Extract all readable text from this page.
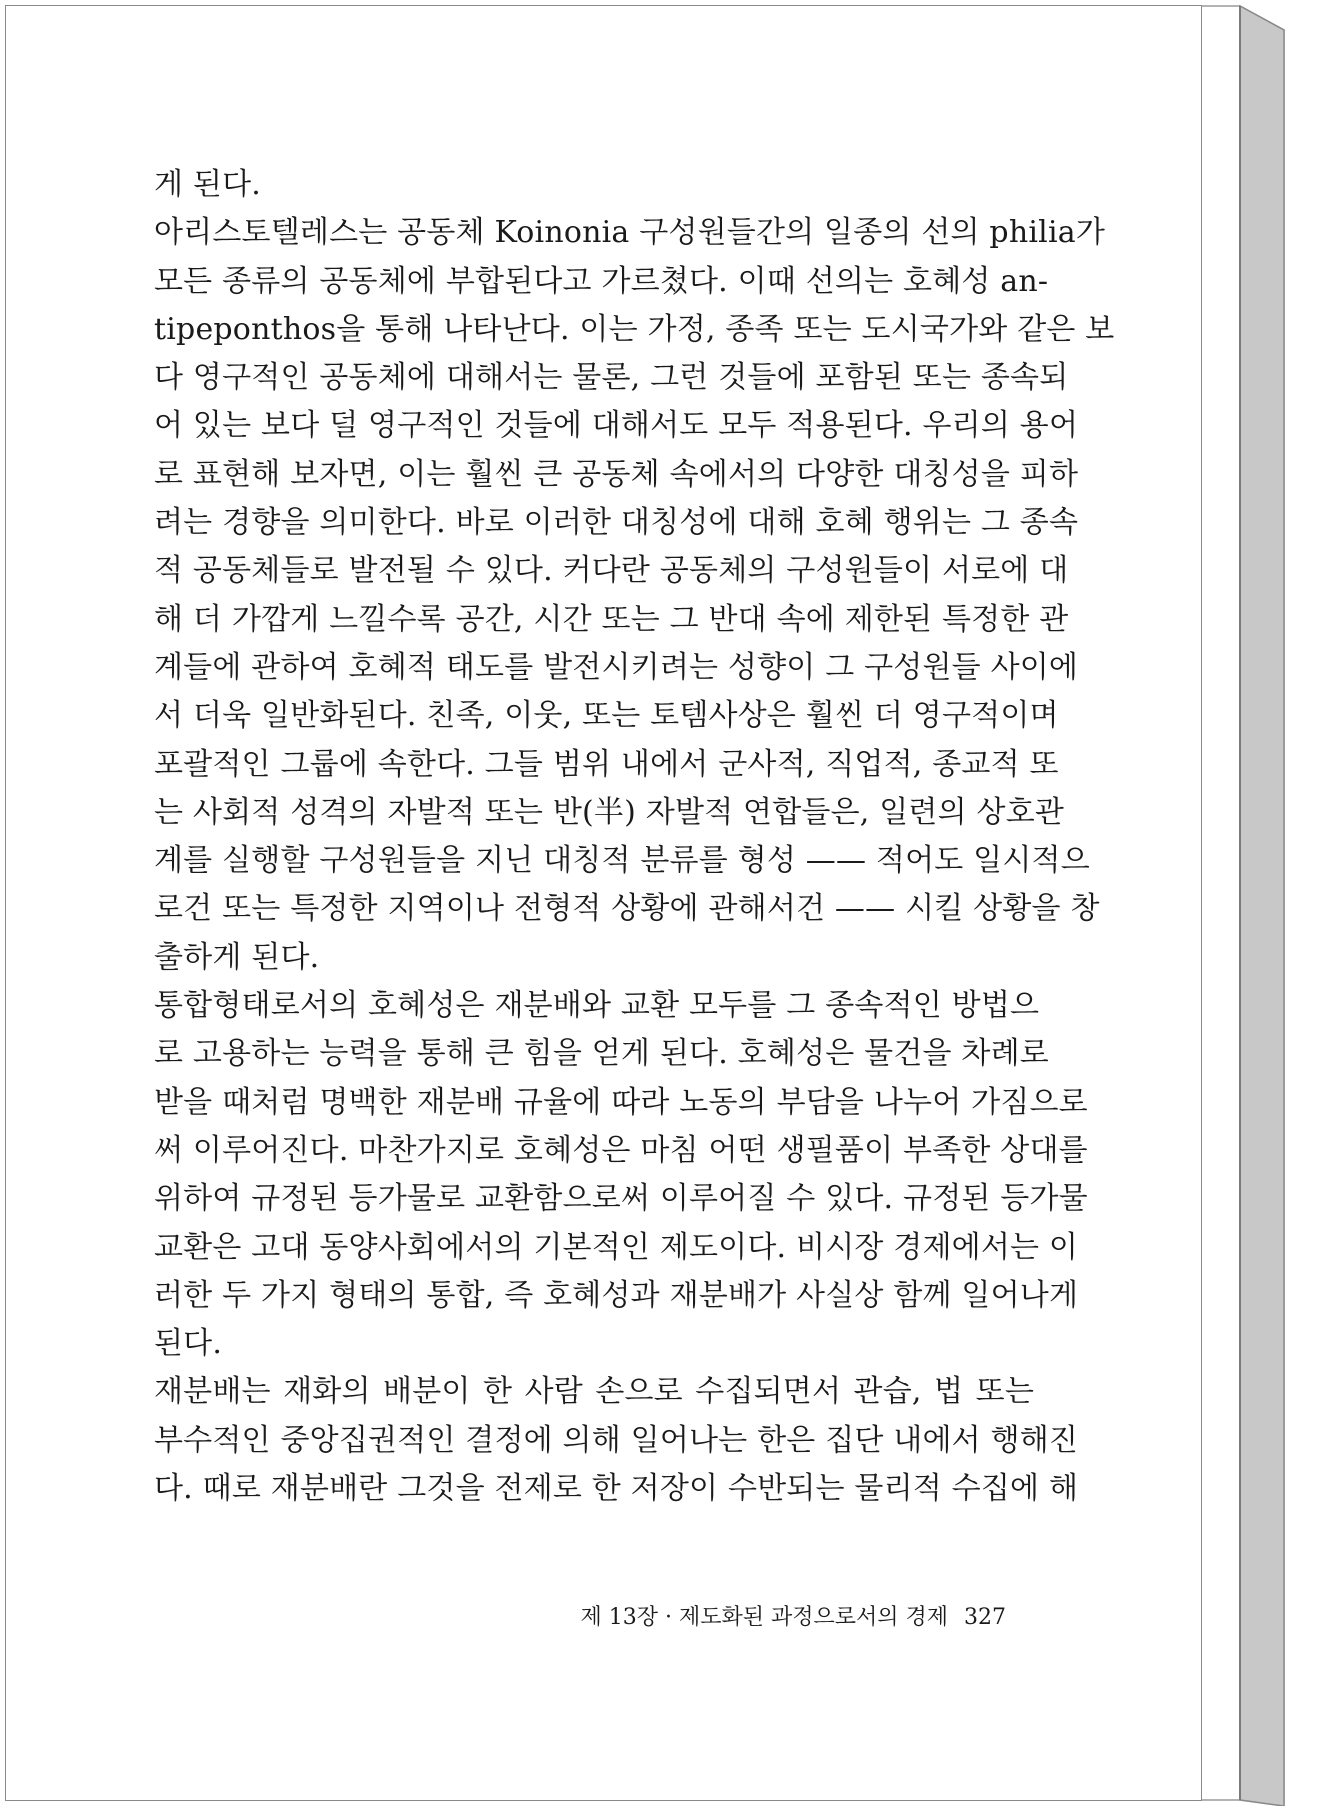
게 된다.
아리스토텔레스는 공동체 Koinonia 구성원들간의 일종의 선의 philia가
모든 종류의 공동체에 부합된다고 가르쳤다. 이때 선의는 호혜성 an-
tipeponthos을 통해 나타난다. 이는 가정, 종족 또는 도시국가와 같은 보
다 영구적인 공동체에 대해서는 물론, 그런 것들에 포함된 또는 종속되
어 있는 보다 덜 영구적인 것들에 대해서도 모두 적용된다. 우리의 용어
로 표현해 보자면, 이는 훨씬 큰 공동체 속에서의 다양한 대칭성을 피하
려는 경향을 의미한다. 바로 이러한 대칭성에 대해 호혜 행위는 그 종속
적 공동체들로 발전될 수 있다. 커다란 공동체의 구성원들이 서로에 대
해 더 가깝게 느낄수록 공간, 시간 또는 그 반대 속에 제한된 특정한 관
계들에 관하여 호혜적 태도를 발전시키려는 성향이 그 구성원들 사이에
서 더욱 일반화된다. 친족, 이웃, 또는 토템사상은 훨씬 더 영구적이며
포괄적인 그룹에 속한다. 그들 범위 내에서 군사적, 직업적, 종교적 또
는 사회적 성격의 자발적 또는 반(半) 자발적 연합들은, 일련의 상호관
계를 실행할 구성원들을 지닌 대칭적 분류를 형성 —— 적어도 일시적으
로건 또는 특정한 지역이나 전형적 상황에 관해서건 —— 시킬 상황을 창
출하게 된다.
통합형태로서의 호혜성은 재분배와 교환 모두를 그 종속적인 방법으
로 고용하는 능력을 통해 큰 힘을 얻게 된다. 호혜성은 물건을 차례로
받을 때처럼 명백한 재분배 규율에 따라 노동의 부담을 나누어 가짐으로
써 이루어진다. 마찬가지로 호혜성은 마침 어떤 생필품이 부족한 상대를
위하여 규정된 등가물로 교환함으로써 이루어질 수 있다. 규정된 등가물
교환은 고대 동양사회에서의 기본적인 제도이다. 비시장 경제에서는 이
러한 두 가지 형태의 통합, 즉 호혜성과 재분배가 사실상 함께 일어나게
된다.
재분배는 재화의 배분이 한 사람 손으로 수집되면서 관습, 법 또는
부수적인 중앙집권적인 결정에 의해 일어나는 한은 집단 내에서 행해진
다. 때로 재분배란 그것을 전제로 한 저장이 수반되는 물리적 수집에 해
제 13장 · 제도화된 과정으로서의 경제 327
